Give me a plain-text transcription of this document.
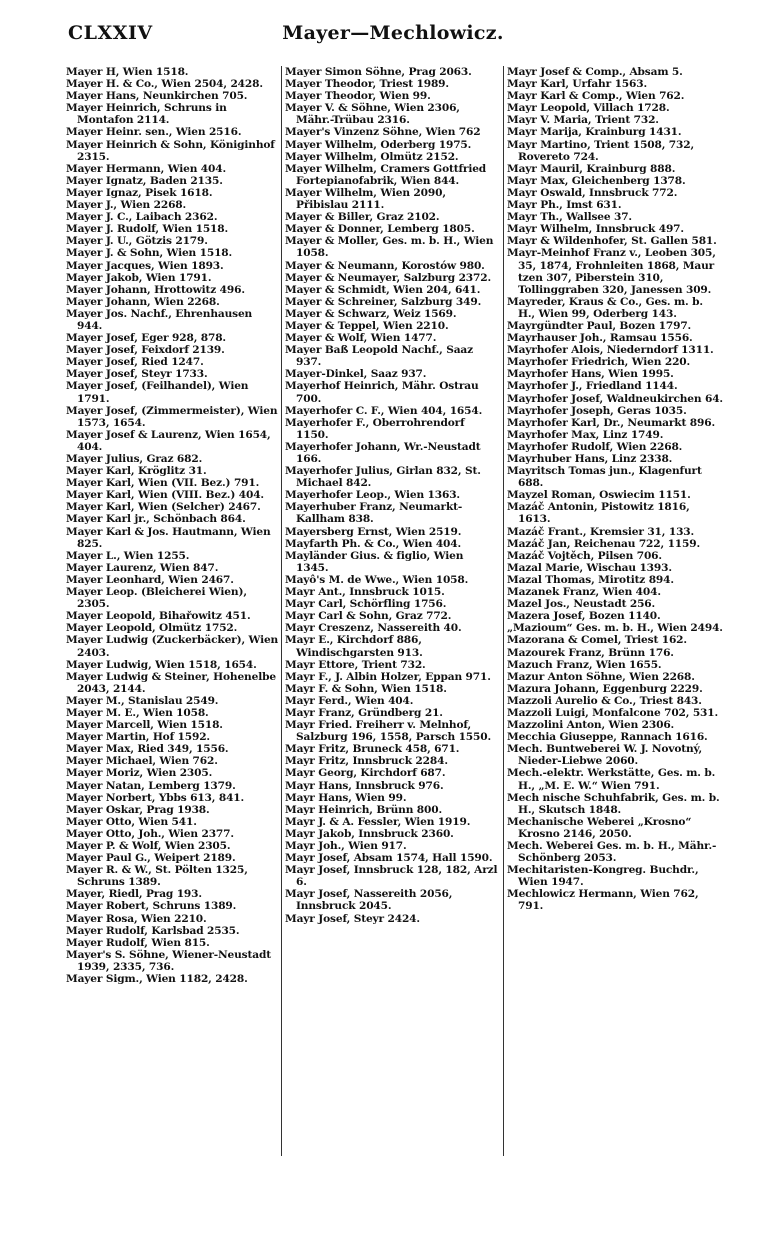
CLXXIV	Mayer—Mechlowicz.
Mayer H, Wien 1518.
Mayer H. & Co., Wien 2504, 2428.
Mayer Hans, Neunkirchen 705.
Mayer Heinrich, Schruns in Montafon 2114.
Mayer Heinr. sen., Wien 2516.
Mayer Heinrich & Sohn, Königinhof 2315.
Mayer Hermann, Wien 404.
Mayer Ignatz, Baden 2135.
Mayer Ignaz, Pisek 1618.
Mayer J., Wien 2268.
Mayer J. C., Laibach 2362.
Mayer J. Rudolf, Wien 1518.
Mayer J. U., Götzis 2179.
Mayer J. & Sohn, Wien 1518.
Mayer Jacques, Wien 1893.
Mayer Jakob, Wien 1791.
Mayer Johann, Hrottowitz 496.
Mayer Johann, Wien 2268.
Mayer Jos. Nachf., Ehrenhausen 944.
Mayer Josef, Eger 928, 878.
Mayer Josef, Feixdorf 2139.
Mayer Josef, Ried 1247.
Mayer Josef, Steyr 1733.
Mayer Josef, (Feilhandel), Wien 1791.
Mayer Josef, (Zimmermeister), Wien 1573, 1654.
Mayer Josef & Laurenz, Wien 1654, 404.
Mayer Julius, Graz 682.
Mayer Karl, Kröglitz 31.
Mayer Karl, Wien (VII. Bez.) 791.
Mayer Karl, Wien (VIII. Bez.) 404.
Mayer Karl, Wien (Selcher) 2467.
Mayer Karl jr., Schönbach 864.
Mayer Karl & Jos. Hautmann, Wien 825.
Mayer L., Wien 1255.
Mayer Laurenz, Wien 847.
Mayer Leonhard, Wien 2467.
Mayer Leop. (Bleicherei Wien), 2305.
Mayer Leopold, Bihařowitz 451.
Mayer Leopold, Olmütz 1752.
Mayer Ludwig (Zuckerbäcker), Wien 2403.
Mayer Ludwig, Wien 1518, 1654.
Mayer Ludwig & Steiner, Hohenelbe 2043, 2144.
Mayer M., Stanislau 2549.
Mayer M. E., Wien 1058.
Mayer Marcell, Wien 1518.
Mayer Martin, Hof 1592.
Mayer Max, Ried 349, 1556.
Mayer Michael, Wien 762.
Mayer Moriz, Wien 2305.
Mayer Natan, Lemberg 1379.
Mayer Norbert, Ybbs 613, 841.
Mayer Oskar, Prag 1938.
Mayer Otto, Wien 541.
Mayer Otto, Joh., Wien 2377.
Mayer P. & Wolf, Wien 2305.
Mayer Paul G., Weipert 2189.
Mayer R. & W., St. Pölten 1325, Schruns 1389.
Mayer, Riedl, Prag 193.
Mayer Robert, Schruns 1389.
Mayer Rosa, Wien 2210.
Mayer Rudolf, Karlsbad 2535.
Mayer Rudolf, Wien 815.
Mayer's S. Söhne, Wiener-Neustadt 1939, 2335, 736.
Mayer Sigm., Wien 1182, 2428.
Mayer Simon Söhne, Prag 2063.
Mayer Theodor, Triest 1989.
Mayer Theodor, Wien 99.
Mayer V. & Söhne, Wien 2306, Mähr.-Trübau 2316.
Mayer's Vinzenz Söhne, Wien 762
Mayer Wilhelm, Oderberg 1975.
Mayer Wilhelm, Olmütz 2152.
Mayer Wilhelm, Cramers Gottfried Fortepianofabrik, Wien 844.
Mayer Wilhelm, Wien 2090, Přibislau 2111.
Mayer & Biller, Graz 2102.
Mayer & Donner, Lemberg 1805.
Mayer & Moller, Ges. m. b. H., Wien 1058.
Mayer & Neumann, Korostów 980.
Mayer & Neumayer, Salzburg 2372.
Mayer & Schmidt, Wien 204, 641.
Mayer & Schreiner, Salzburg 349.
Mayer & Schwarz, Weiz 1569.
Mayer & Teppel, Wien 2210.
Mayer & Wolf, Wien 1477.
Mayer Baß Leopold Nachf., Saaz 937.
Mayer-Dinkel, Saaz 937.
Mayerhof Heinrich, Mähr. Ostrau 700.
Mayerhofer C. F., Wien 404, 1654.
Mayerhofer F., Oberrohrendorf 1150.
Mayerhofer Johann, Wr.-Neustadt 166.
Mayerhofer Julius, Girlan 832, St. Michael 842.
Mayerhofer Leop., Wien 1363.
Mayerhuber Franz, Neumarkt-Kallham 838.
Mayersberg Ernst, Wien 2519.
Mayfarth Ph. & Co., Wien 404.
Mayländer Gius. & figlio, Wien 1345.
Mayô's M. de Wwe., Wien 1058.
Mayr Ant., Innsbruck 1015.
Mayr Carl, Schörfling 1756.
Mayr Carl & Sohn, Graz 772.
Mayr Creszenz, Nassereith 40.
Mayr E., Kirchdorf 886, Windischgarsten 913.
Mayr Ettore, Trient 732.
Mayr F., J. Albin Holzer, Eppan 971.
Mayr F. & Sohn, Wien 1518.
Mayr Ferd., Wien 404.
Mayr Franz, Gründberg 21.
Mayr Fried. Freiherr v. Melnhof, Salzburg 196, 1558, Parsch 1550.
Mayr Fritz, Bruneck 458, 671.
Mayr Fritz, Innsbruck 2284.
Mayr Georg, Kirchdorf 687.
Mayr Hans, Innsbruck 976.
Mayr Hans, Wien 99.
Mayr Heinrich, Brünn 800.
Mayr J. & A. Fessler, Wien 1919.
Mayr Jakob, Innsbruck 2360.
Mayr Joh., Wien 917.
Mayr Josef, Absam 1574, Hall 1590.
Mayr Josef, Innsbruck 128, 182, Arzl 6.
Mayr Josef, Nassereith 2056, Innsbruck 2045.
Mayr Josef, Steyr 2424.
Mayr Josef & Comp., Absam 5.
Mayr Karl, Urfahr 1563.
Mayr Karl & Comp., Wien 762.
Mayr Leopold, Villach 1728.
Mayr V. Maria, Trient 732.
Mayr Marija, Krainburg 1431.
Mayr Martino, Trient 1508, 732, Rovereto 724.
Mayr Mauril, Krainburg 888.
Mayr Max, Gleichenberg 1378.
Mayr Oswald, Innsbruck 772.
Mayr Ph., Imst 631.
Mayr Th., Wallsee 37.
Mayr Wilhelm, Innsbruck 497.
Mayr & Wildenhofer, St. Gallen 581.
Mayr-Meinhof Franz v., Leoben 305, 35, 1874, Frohnleiten 1868, Maur tzen 307, Piberstein 310, Tollinggraben 320, Janessen 309.
Mayreder, Kraus & Co., Ges. m. b. H., Wien 99, Oderberg 143.
Mayrgündter Paul, Bozen 1797.
Mayrhauser Joh., Ramsau 1556.
Mayrhofer Alois, Niederndorf 1311.
Mayrhofer Friedrich, Wien 220.
Mayrhofer Hans, Wien 1995.
Mayrhofer J., Friedland 1144.
Mayrhofer Josef, Waldneukirchen 64.
Mayrhofer Joseph, Geras 1035.
Mayrhofer Karl, Dr., Neumarkt 896.
Mayrhofer Max, Linz 1749.
Mayrhofer Rudolf, Wien 2268.
Mayrhuber Hans, Linz 2338.
Mayritsch Tomas jun., Klagenfurt 688.
Mayzel Roman, Oswiecim 1151.
Mazáč Antonin, Pistowitz 1816, 1613.
Mazáč Frant., Kremsier 31, 133.
Mazáč Jan, Reichenau 722, 1159.
Mazáč Vojtěch, Pilsen 706.
Mazal Marie, Wischau 1393.
Mazal Thomas, Mirotitz 894.
Mazanek Franz, Wien 404.
Mazel Jos., Neustadt 256.
Mazera Josef, Bozen 1140.
„Mazioum“ Ges. m. b. H., Wien 2494.
Mazorana & Comel, Triest 162.
Mazourek Franz, Brünn 176.
Mazuch Franz, Wien 1655.
Mazur Anton Söhne, Wien 2268.
Mazura Johann, Eggenburg 2229.
Mazzoli Aurelio & Co., Triest 843.
Mazzoli Luigi, Monfalcone 702, 531.
Mazzolini Anton, Wien 2306.
Mecchia Giuseppe, Rannach 1616.
Mech. Buntweberei W. J. Novotný, Nieder-Liebwe 2060.
Mech.-elektr. Werkstätte, Ges. m. b. H., „M. E. W.“ Wien 791.
Mech nische Schuhfabrik, Ges. m. b. H., Skutsch 1848.
Mechanische Weberei „Krosno“ Krosno 2146, 2050.
Mech. Weberei Ges. m. b. H., Mähr.-Schönberg 2053.
Mechitaristen-Kongreg. Buchdr., Wien 1947.
Mechlowicz Hermann, Wien 762, 791.
